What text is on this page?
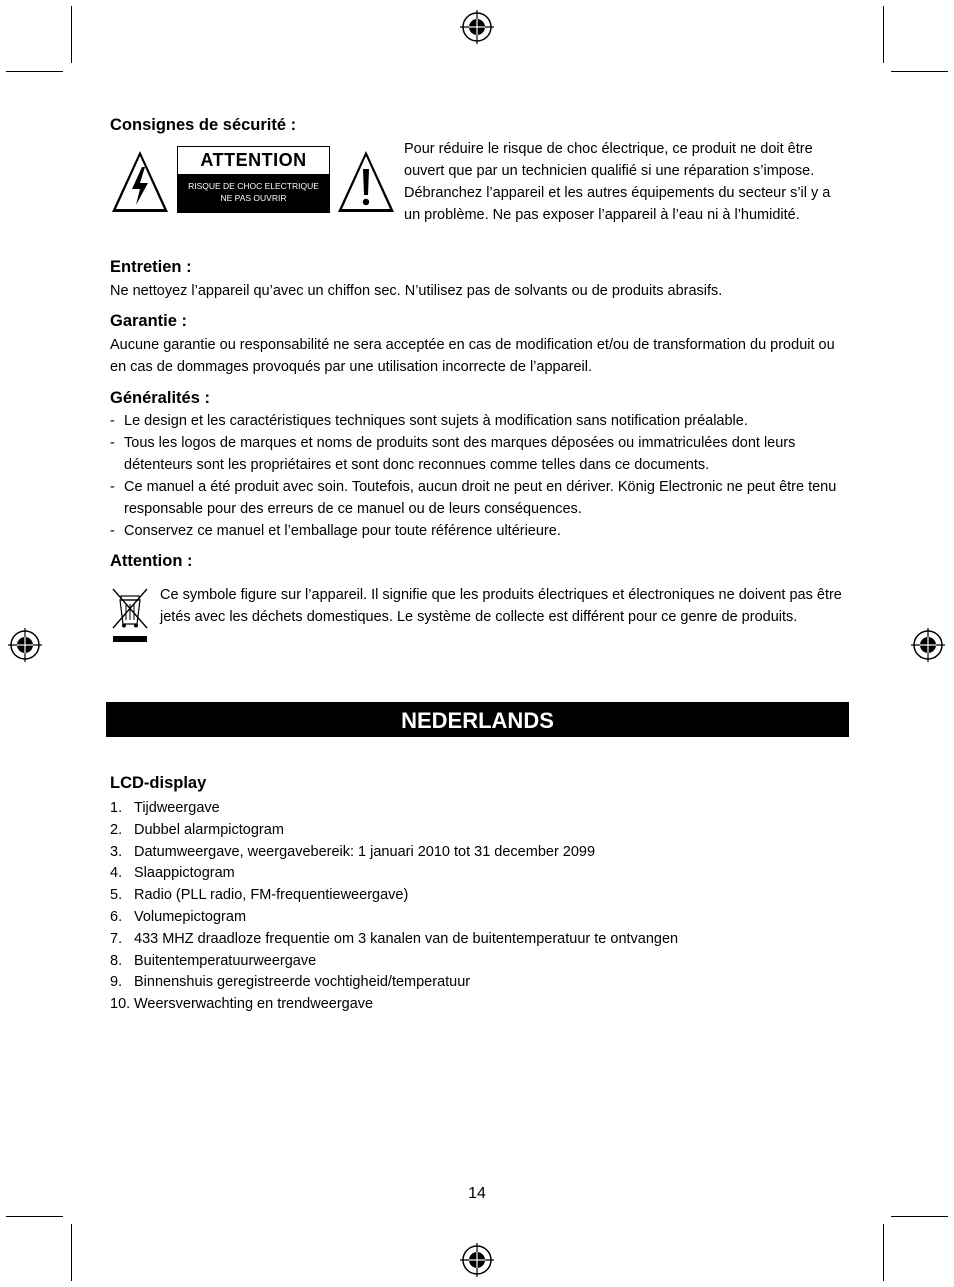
Consignes de sécurité :
ATTENTION
RISQUE DE CHOC ELECTRIQUE
NE PAS OUVRIR
Pour réduire le risque de choc électrique, ce produit ne doit être ouvert que par un technicien qualifié si une réparation s’impose. Débranchez l’appareil et les autres équipements du secteur s’il y a un problème. Ne pas exposer l’appareil à l’eau ni à l’humidité.
Entretien :

Ne nettoyez l’appareil qu’avec un chiffon sec. N’utilisez pas de solvants ou de produits abrasifs.

Garantie :

Aucune garantie ou responsabilité ne sera acceptée en cas de modification et/ou de transformation du produit ou en cas de dommages provoqués par une utilisation incorrecte de l’appareil.

Généralités :
- Le design et les caractéristiques techniques sont sujets à modification sans notification préalable.
- Tous les logos de marques et noms de produits sont des marques déposées ou immatriculées dont leurs détenteurs sont les propriétaires et sont donc reconnues comme telles dans ce documents.
- Ce manuel a été produit avec soin. Toutefois, aucun droit ne peut en dériver. König Electronic ne peut être tenu responsable pour des erreurs de ce manuel ou de leurs conséquences.
- Conservez ce manuel et l’emballage pour toute référence ultérieure.
Attention :
Ce symbole figure sur l’appareil. Il signifie que les produits électriques et électroniques ne doivent pas être jetés avec les déchets domestiques. Le système de collecte est différent pour ce genre de produits.
NEDERLANDS
LCD-display
1. Tijdweergave
2. Dubbel alarmpictogram
3. Datumweergave, weergavebereik: 1 januari 2010 tot 31 december 2099
4. Slaappictogram
5. Radio (PLL radio, FM-frequentieweergave)
6. Volumepictogram
7. 433 MHZ draadloze frequentie om 3 kanalen van de buitentemperatuur te ontvangen
8. Buitentemperatuurweergave
9. Binnenshuis geregistreerde vochtigheid/temperatuur
10. Weersverwachting en trendweergave
14
